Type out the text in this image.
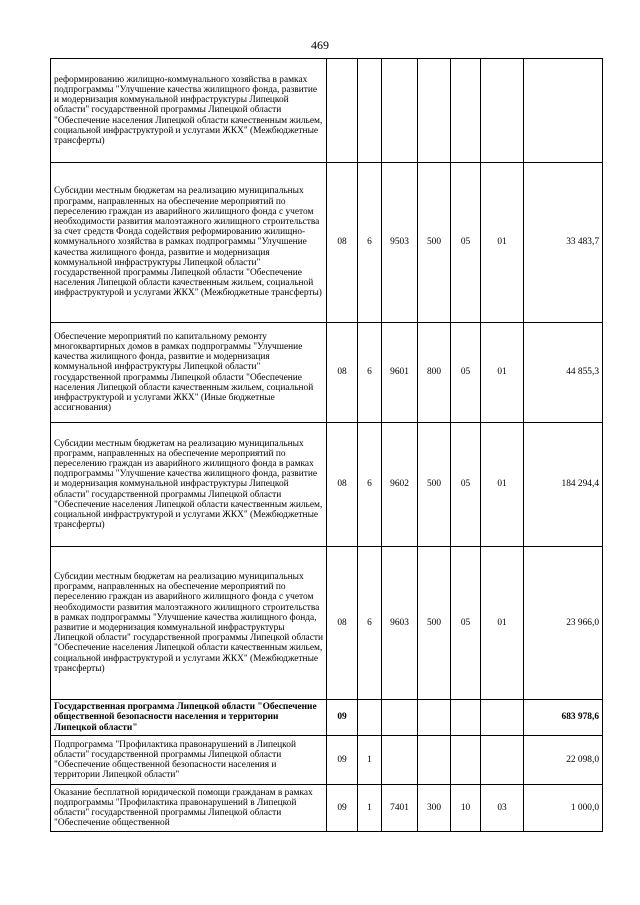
469
реформированию жилищно-коммунального хозяйства в рамках подпрограммы "Улучшение качества жилищного фонда, развитие и модернизация коммунальной инфраструктуры Липецкой области" государственной программы Липецкой области "Обеспечение населения Липецкой области качественным жильем, социальной инфраструктурой и услугами ЖКХ" (Межбюджетные трансферты)							
Субсидии местным бюджетам на реализацию муниципальных программ, направленных на обеспечение мероприятий по переселению граждан из аварийного жилищного фонда с учетом необходимости развития малоэтажного жилищного строительства за счет средств Фонда содействия реформированию жилищно-коммунального хозяйства в рамках подпрограммы "Улучшение качества жилищного фонда, развитие и модернизация коммунальной инфраструктуры Липецкой области" государственной программы Липецкой области "Обеспечение населения Липецкой области качественным жильем, социальной инфраструктурой и услугами ЖКХ" (Межбюджетные трансферты)	08	6	9503	500	05	01	33 483,7
Обеспечение мероприятий по капитальному ремонту многоквартирных домов в рамках подпрограммы "Улучшение качества жилищного фонда, развитие и модернизация коммунальной инфраструктуры Липецкой области" государственной программы Липецкой области "Обеспечение населения Липецкой области качественным жильем, социальной инфраструктурой и услугами ЖКХ" (Иные бюджетные ассигнования)	08	6	9601	800	05	01	44 855,3
Субсидии местным бюджетам на реализацию муниципальных программ, направленных на обеспечение мероприятий по переселению граждан из аварийного жилищного фонда в рамках подпрограммы "Улучшение качества жилищного фонда, развитие и модернизация коммунальной инфраструктуры Липецкой области" государственной программы Липецкой области "Обеспечение населения Липецкой области качественным жильем, социальной инфраструктурой и услугами ЖКХ" (Межбюджетные трансферты)	08	6	9602	500	05	01	184 294,4
Субсидии местным бюджетам на реализацию муниципальных программ, направленных на обеспечение мероприятий по переселению граждан из аварийного жилищного фонда с учетом необходимости развития малоэтажного жилищного строительства в рамках подпрограммы "Улучшение качества жилищного фонда, развитие и модернизация коммунальной инфраструктуры Липецкой области" государственной программы Липецкой области "Обеспечение населения Липецкой области качественным жильем, социальной инфраструктурой и услугами ЖКХ" (Межбюджетные трансферты)	08	6	9603	500	05	01	23 966,0
Государственная программа Липецкой области "Обеспечение общественной безопасности населения и территории Липецкой области"	09						683 978,6
Подпрограмма "Профилактика правонарушений в Липецкой области" государственной программы Липецкой области "Обеспечение общественной безопасности населения и территории Липецкой области"	09	1					22 098,0
Оказание бесплатной юридической помощи гражданам в рамках подпрограммы "Профилактика правонарушений в Липецкой области" государственной программы Липецкой области "Обеспечение общественной	09	1	7401	300	10	03	1 000,0
